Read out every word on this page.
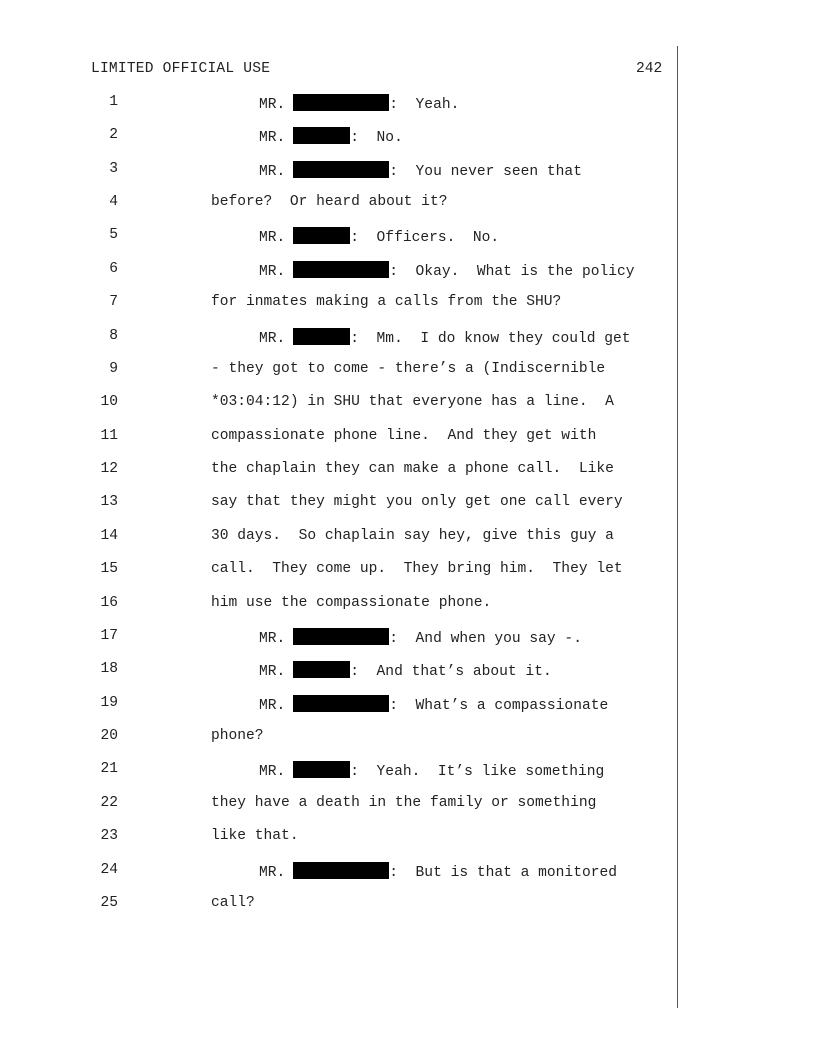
LIMITED OFFICIAL USE	242
1	MR.	:  Yeah.
2	MR.	:  No.
3	MR.	:  You never seen that
4	before?  Or heard about it?
5	MR.	:  Officers.  No.
6	MR.	:  Okay.  What is the policy
7	for inmates making a calls from the SHU?
8	MR.	:  Mm.  I do know they could get
9	- they got to come - there’s a (Indiscernible
10	*03:04:12) in SHU that everyone has a line.  A
11	compassionate phone line.  And they get with
12	the chaplain they can make a phone call.  Like
13	say that they might you only get one call every
14	30 days.  So chaplain say hey, give this guy a
15	call.  They come up.  They bring him.  They let
16	him use the compassionate phone.
17	MR.	:  And when you say -.
18	MR.	:  And that’s about it.
19	MR.	:  What’s a compassionate
20	phone?
21	MR.	:  Yeah.  It’s like something
22	they have a death in the family or something
23	like that.
24	MR.	:  But is that a monitored
25	call?
